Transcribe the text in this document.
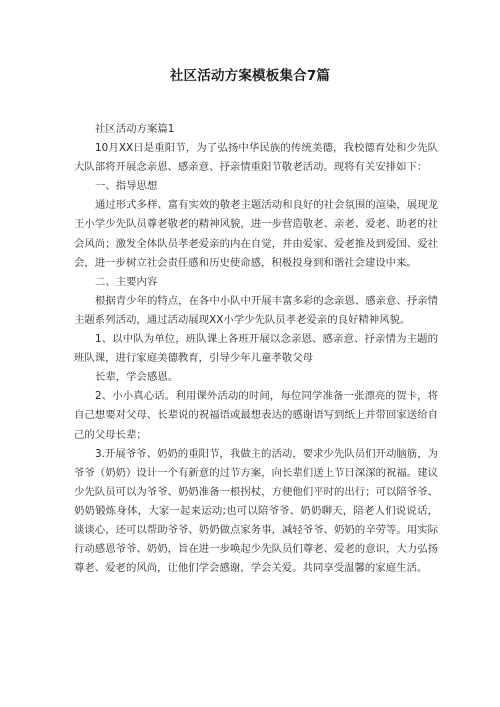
社区活动方案模板集合7篇

社区活动方案篇1

10月XX日是重阳节，为了弘扬中华民族的传统美德，我校德育处和少先队大队部将开展念亲恩、感亲意、抒亲情重阳节敬老活动。现将有关安排如下：

一、指导思想

通过形式多样、富有实效的敬老主题活动和良好的社会氛围的渲染，展现龙王小学少先队员尊老敬老的精神风貌，进一步营造敬老、亲老、爱老、助老的社会风尚；激发全体队员孝老爱亲的内在自觉，并由爱家、爱老推及到爱国、爱社会，进一步树立社会责任感和历史使命感，积极投身到和谐社会建设中来。

二、主要内容

根据青少年的特点，在各中小队中开展丰富多彩的念亲恩、感亲意、抒亲情主题系列活动，通过活动展现XX小学少先队员孝老爱亲的良好精神风貌。

1、以中队为单位，班队课上各班开展以念亲恩、感亲意、抒亲情为主题的班队课，进行家庭美德教育，引导少年儿童孝敬父母

长辈，学会感恩。

2、小小真心话。利用课外活动的时间，每位同学准备一张漂亮的贺卡，将自己想要对父母、长辈说的祝福语或最想表达的感谢语写到纸上并带回家送给自己的父母长辈；

3.开展爷爷、奶奶的重阳节，我做主的活动，要求少先队员们开动脑筋，为爷爷（奶奶）设计一个有新意的过节方案，向长辈们送上节日深深的祝福。建议少先队员可以为爷爷、奶奶准备一根拐杖，方便他们平时的出行；可以陪爷爷、奶奶锻炼身体，大家一起来运动;也可以陪爷爷、奶奶聊天，陪老人们说说话，谈谈心，还可以帮助爷爷、奶奶做点家务事，减轻爷爷、奶奶的辛劳等。用实际行动感恩爷爷、奶奶，旨在进一步唤起少先队员们尊老、爱老的意识，大力弘扬尊老、爱老的风尚，让他们学会感谢，学会关爱。共同享受温馨的家庭生活。
